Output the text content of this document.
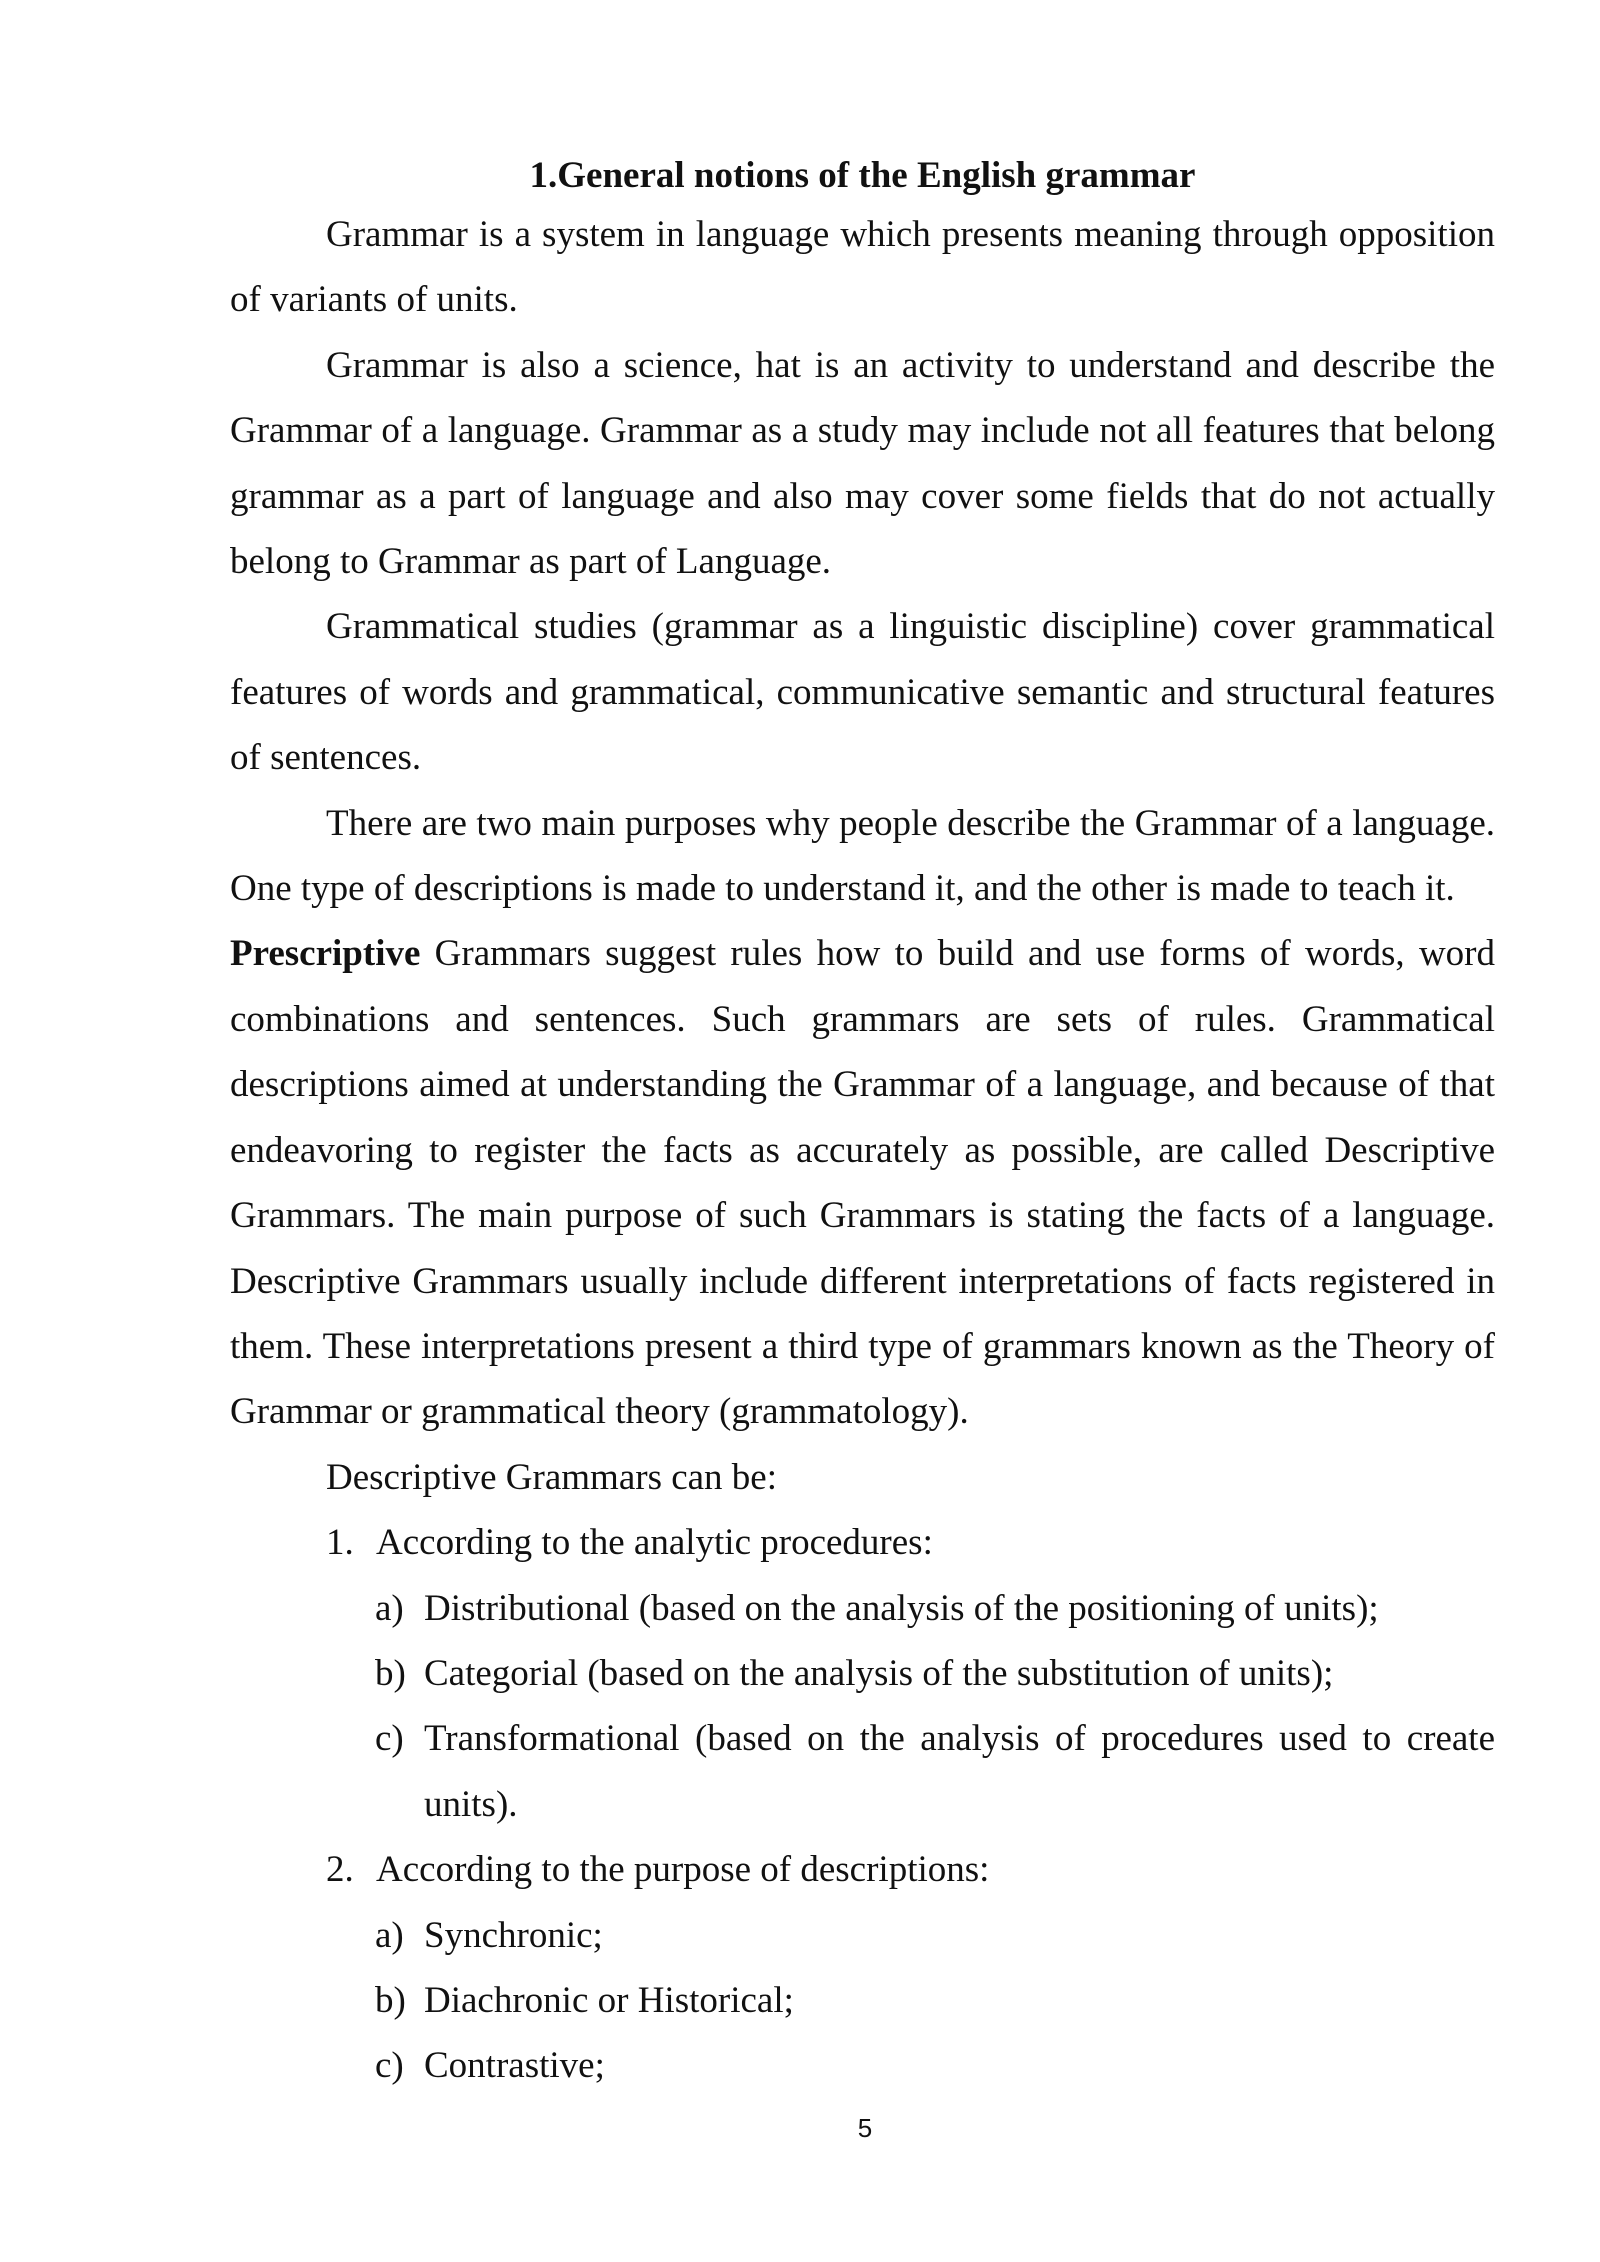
1.General notions of the English grammar

Grammar is a system in language which presents meaning through opposition of variants of units.

Grammar is also a science, hat is an activity to understand and describe the Grammar of a language. Grammar as a study may include not all features that belong grammar as a part of language and also may cover some fields that do not actually belong to Grammar as part of Language.

Grammatical studies (grammar as a linguistic discipline) cover grammatical features of words and grammatical, communicative semantic and structural features of sentences.

There are two main purposes why people describe the Grammar of a language. One type of descriptions is made to understand it, and the other is made to teach it.

Prescriptive Grammars suggest rules how to build and use forms of words, word combinations and sentences. Such grammars are sets of rules. Grammatical descriptions aimed at understanding the Grammar of a language, and because of that endeavoring to register the facts as accurately as possible, are called Descriptive Grammars. The main purpose of such Grammars is stating the facts of a language. Descriptive Grammars usually include different interpretations of facts registered in them. These interpretations present a third type of grammars known as the Theory of Grammar or grammatical theory (grammatology).

Descriptive Grammars can be:

1. According to the analytic procedures:
a) Distributional (based on the analysis of the positioning of units);
b) Categorial (based on the analysis of the substitution of units);
c) Transformational (based on the analysis of procedures used to create units).
2. According to the purpose of descriptions:
a) Synchronic;
b) Diachronic or Historical;
c) Contrastive;
5
